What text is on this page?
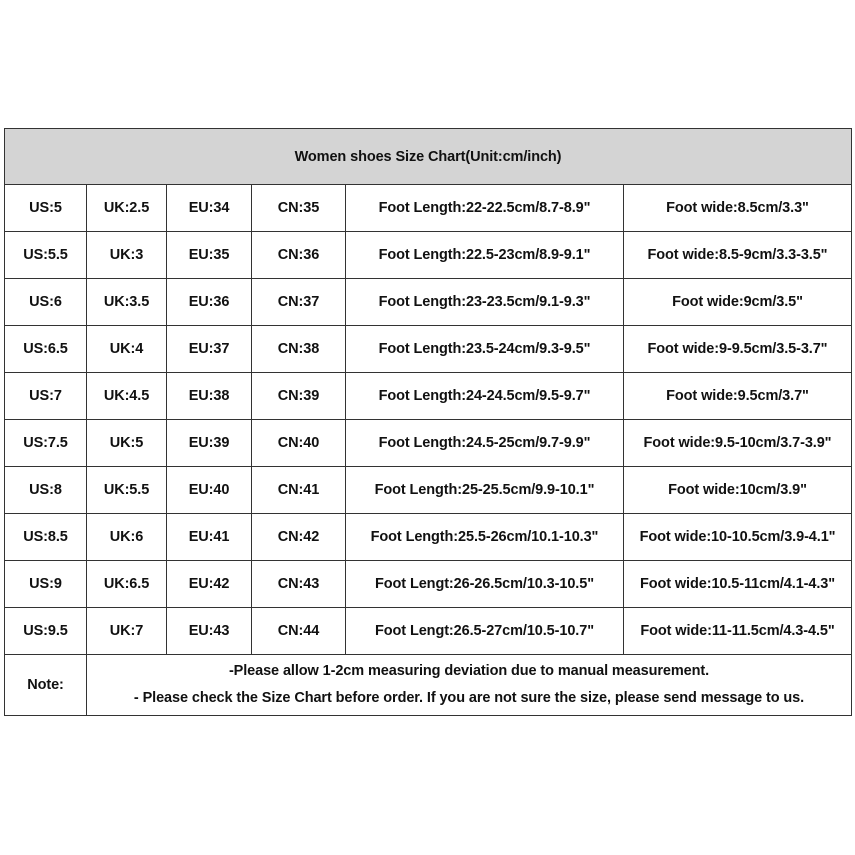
Women shoes Size Chart(Unit:cm/inch)					
US:5	UK:2.5	EU:34	CN:35	Foot Length:22-22.5cm/8.7-8.9"	Foot wide:8.5cm/3.3"
US:5.5	UK:3	EU:35	CN:36	Foot Length:22.5-23cm/8.9-9.1"	Foot wide:8.5-9cm/3.3-3.5"
US:6	UK:3.5	EU:36	CN:37	Foot Length:23-23.5cm/9.1-9.3"	Foot wide:9cm/3.5"
US:6.5	UK:4	EU:37	CN:38	Foot Length:23.5-24cm/9.3-9.5"	Foot wide:9-9.5cm/3.5-3.7"
US:7	UK:4.5	EU:38	CN:39	Foot Length:24-24.5cm/9.5-9.7"	Foot wide:9.5cm/3.7"
US:7.5	UK:5	EU:39	CN:40	Foot Length:24.5-25cm/9.7-9.9"	Foot wide:9.5-10cm/3.7-3.9"
US:8	UK:5.5	EU:40	CN:41	Foot Length:25-25.5cm/9.9-10.1"	Foot wide:10cm/3.9"
US:8.5	UK:6	EU:41	CN:42	Foot Length:25.5-26cm/10.1-10.3"	Foot wide:10-10.5cm/3.9-4.1"
US:9	UK:6.5	EU:42	CN:43	Foot Lengt:26-26.5cm/10.3-10.5"	Foot wide:10.5-11cm/4.1-4.3"
US:9.5	UK:7	EU:43	CN:44	Foot Lengt:26.5-27cm/10.5-10.7"	Foot wide:11-11.5cm/4.3-4.5"
Note:	-Please allow 1-2cm measuring deviation due to manual measurement.
- Please check the Size Chart before order. If you are not sure the size, please send message to us.				
